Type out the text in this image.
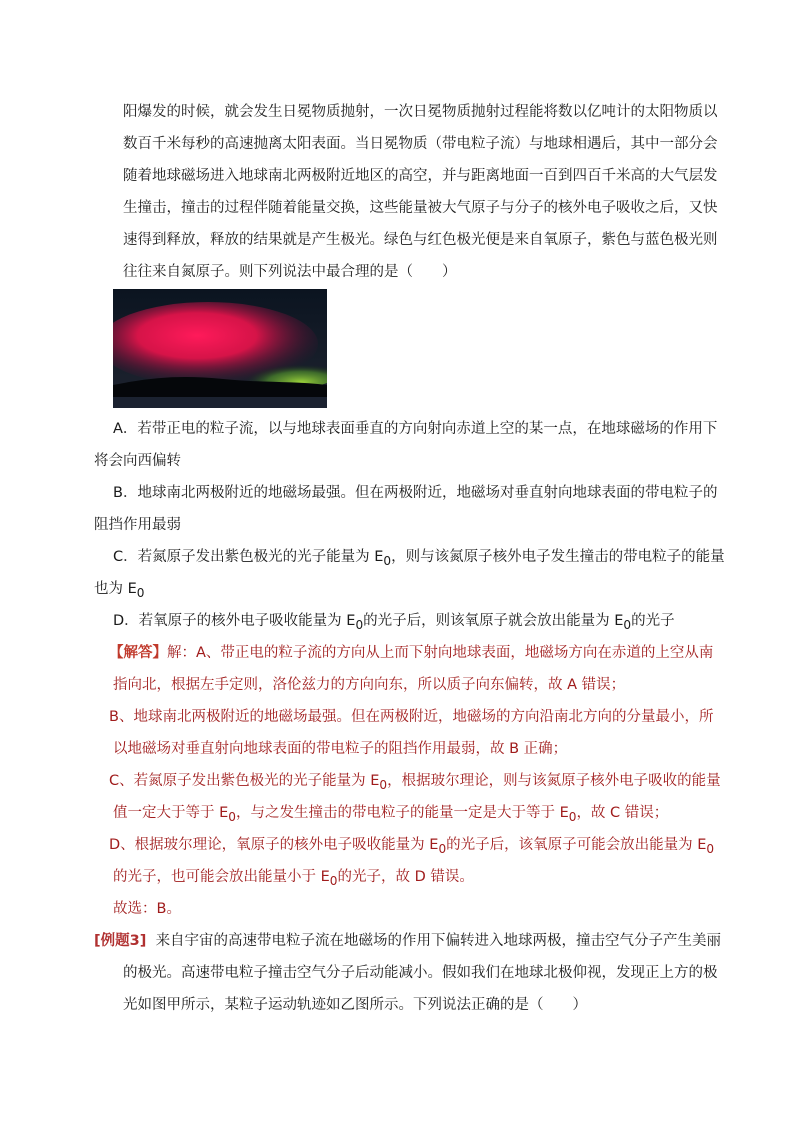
阳爆发的时候，就会发生日冕物质抛射，一次日冕物质抛射过程能将数以亿吨计的太阳物质以
数百千米每秒的高速抛离太阳表面。当日冕物质（带电粒子流）与地球相遇后，其中一部分会
随着地球磁场进入地球南北两极附近地区的高空，并与距离地面一百到四百千米高的大气层发
生撞击，撞击的过程伴随着能量交换，这些能量被大气原子与分子的核外电子吸收之后，又快
速得到释放，释放的结果就是产生极光。绿色与红色极光便是来自氧原子，紫色与蓝色极光则
往往来自氮原子。则下列说法中最合理的是（　　）
A．若带正电的粒子流，以与地球表面垂直的方向射向赤道上空的某一点，在地球磁场的作用下
将会向西偏转
B．地球南北两极附近的地磁场最强。但在两极附近，地磁场对垂直射向地球表面的带电粒子的
阻挡作用最弱
C．若氮原子发出紫色极光的光子能量为 $E_0$，则与该氮原子核外电子发生撞击的带电粒子的能量
也为 $E_0$
D．若氧原子的核外电子吸收能量为 $E_0$的光子后，则该氧原子就会放出能量为 $E_0$的光子
【解答】解：A、带正电的粒子流的方向从上而下射向地球表面，地磁场方向在赤道的上空从南
指向北，根据左手定则，洛伦兹力的方向向东，所以质子向东偏转，故 A 错误；
B、地球南北两极附近的地磁场最强。但在两极附近，地磁场的方向沿南北方向的分量最小，所
以地磁场对垂直射向地球表面的带电粒子的阻挡作用最弱，故 B 正确；
C、若氮原子发出紫色极光的光子能量为 $E_0$，根据玻尔理论，则与该氮原子核外电子吸收的能量
值一定大于等于 $E_0$，与之发生撞击的带电粒子的能量一定是大于等于 $E_0$，故 C 错误；
D、根据玻尔理论，氧原子的核外电子吸收能量为 $E_0$的光子后，该氧原子可能会放出能量为 $E_0$
的光子，也可能会放出能量小于 $E_0$的光子，故 D 错误。
故选：B。
[例题3] 来自宇宙的高速带电粒子流在地磁场的作用下偏转进入地球两极，撞击空气分子产生美丽
的极光。高速带电粒子撞击空气分子后动能减小。假如我们在地球北极仰视，发现正上方的极
光如图甲所示，某粒子运动轨迹如乙图所示。下列说法正确的是（　　）
